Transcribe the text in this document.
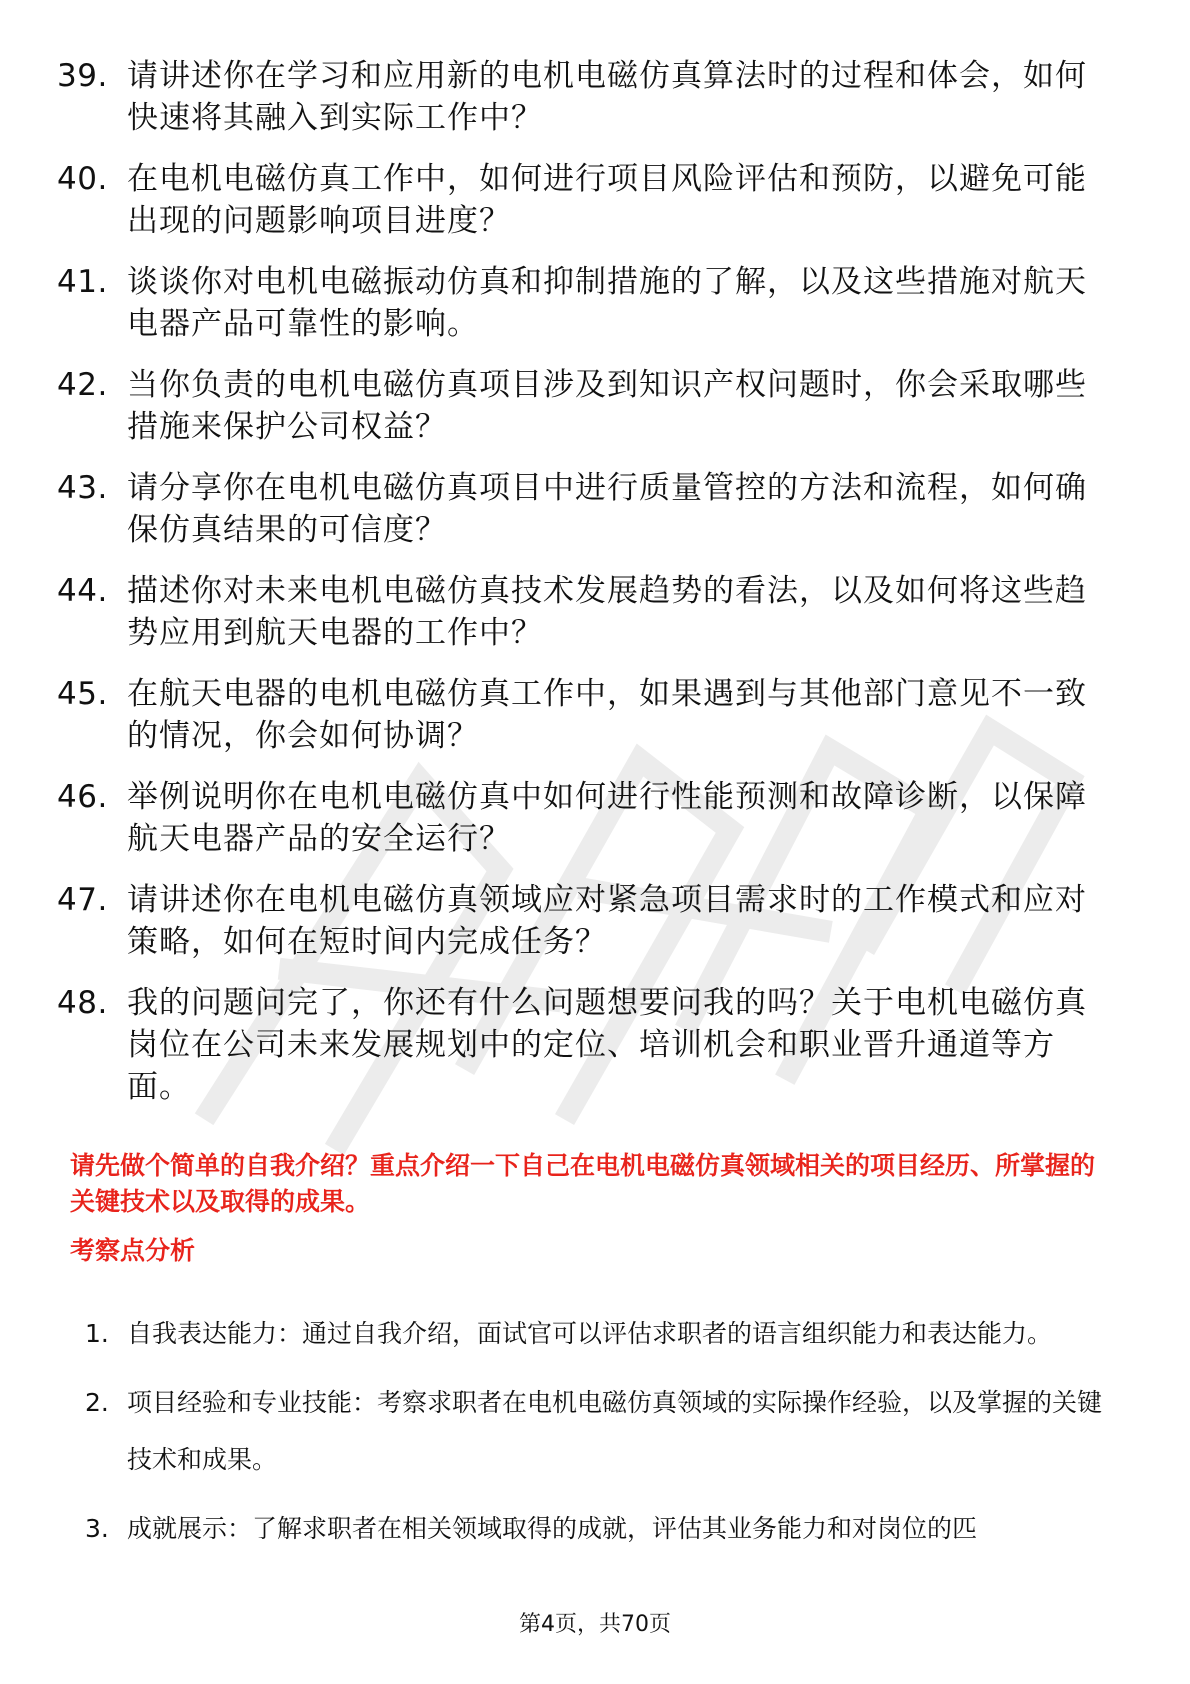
39. 请讲述你在学习和应用新的电机电磁仿真算法时的过程和体会，如何快速将其融入到实际工作中？
40. 在电机电磁仿真工作中，如何进行项目风险评估和预防，以避免可能出现的问题影响项目进度？
41. 谈谈你对电机电磁振动仿真和抑制措施的了解，以及这些措施对航天电器产品可靠性的影响。
42. 当你负责的电机电磁仿真项目涉及到知识产权问题时，你会采取哪些措施来保护公司权益？
43. 请分享你在电机电磁仿真项目中进行质量管控的方法和流程，如何确保仿真结果的可信度？
44. 描述你对未来电机电磁仿真技术发展趋势的看法，以及如何将这些趋势应用到航天电器的工作中？
45. 在航天电器的电机电磁仿真工作中，如果遇到与其他部门意见不一致的情况，你会如何协调？
46. 举例说明你在电机电磁仿真中如何进行性能预测和故障诊断，以保障航天电器产品的安全运行？
47. 请讲述你在电机电磁仿真领域应对紧急项目需求时的工作模式和应对策略，如何在短时间内完成任务？
48. 我的问题问完了，你还有什么问题想要问我的吗？关于电机电磁仿真岗位在公司未来发展规划中的定位、培训机会和职业晋升通道等方面。

请先做个简单的自我介绍？重点介绍一下自己在电机电磁仿真领域相关的项目经历、所掌握的关键技术以及取得的成果。

考察点分析
1. 自我表达能力：通过自我介绍，面试官可以评估求职者的语言组织能力和表达能力。
2. 项目经验和专业技能：考察求职者在电机电磁仿真领域的实际操作经验，以及掌握的关键技术和成果。
3. 成就展示：了解求职者在相关领域取得的成就，评估其业务能力和对岗位的匹
第4页，共70页
